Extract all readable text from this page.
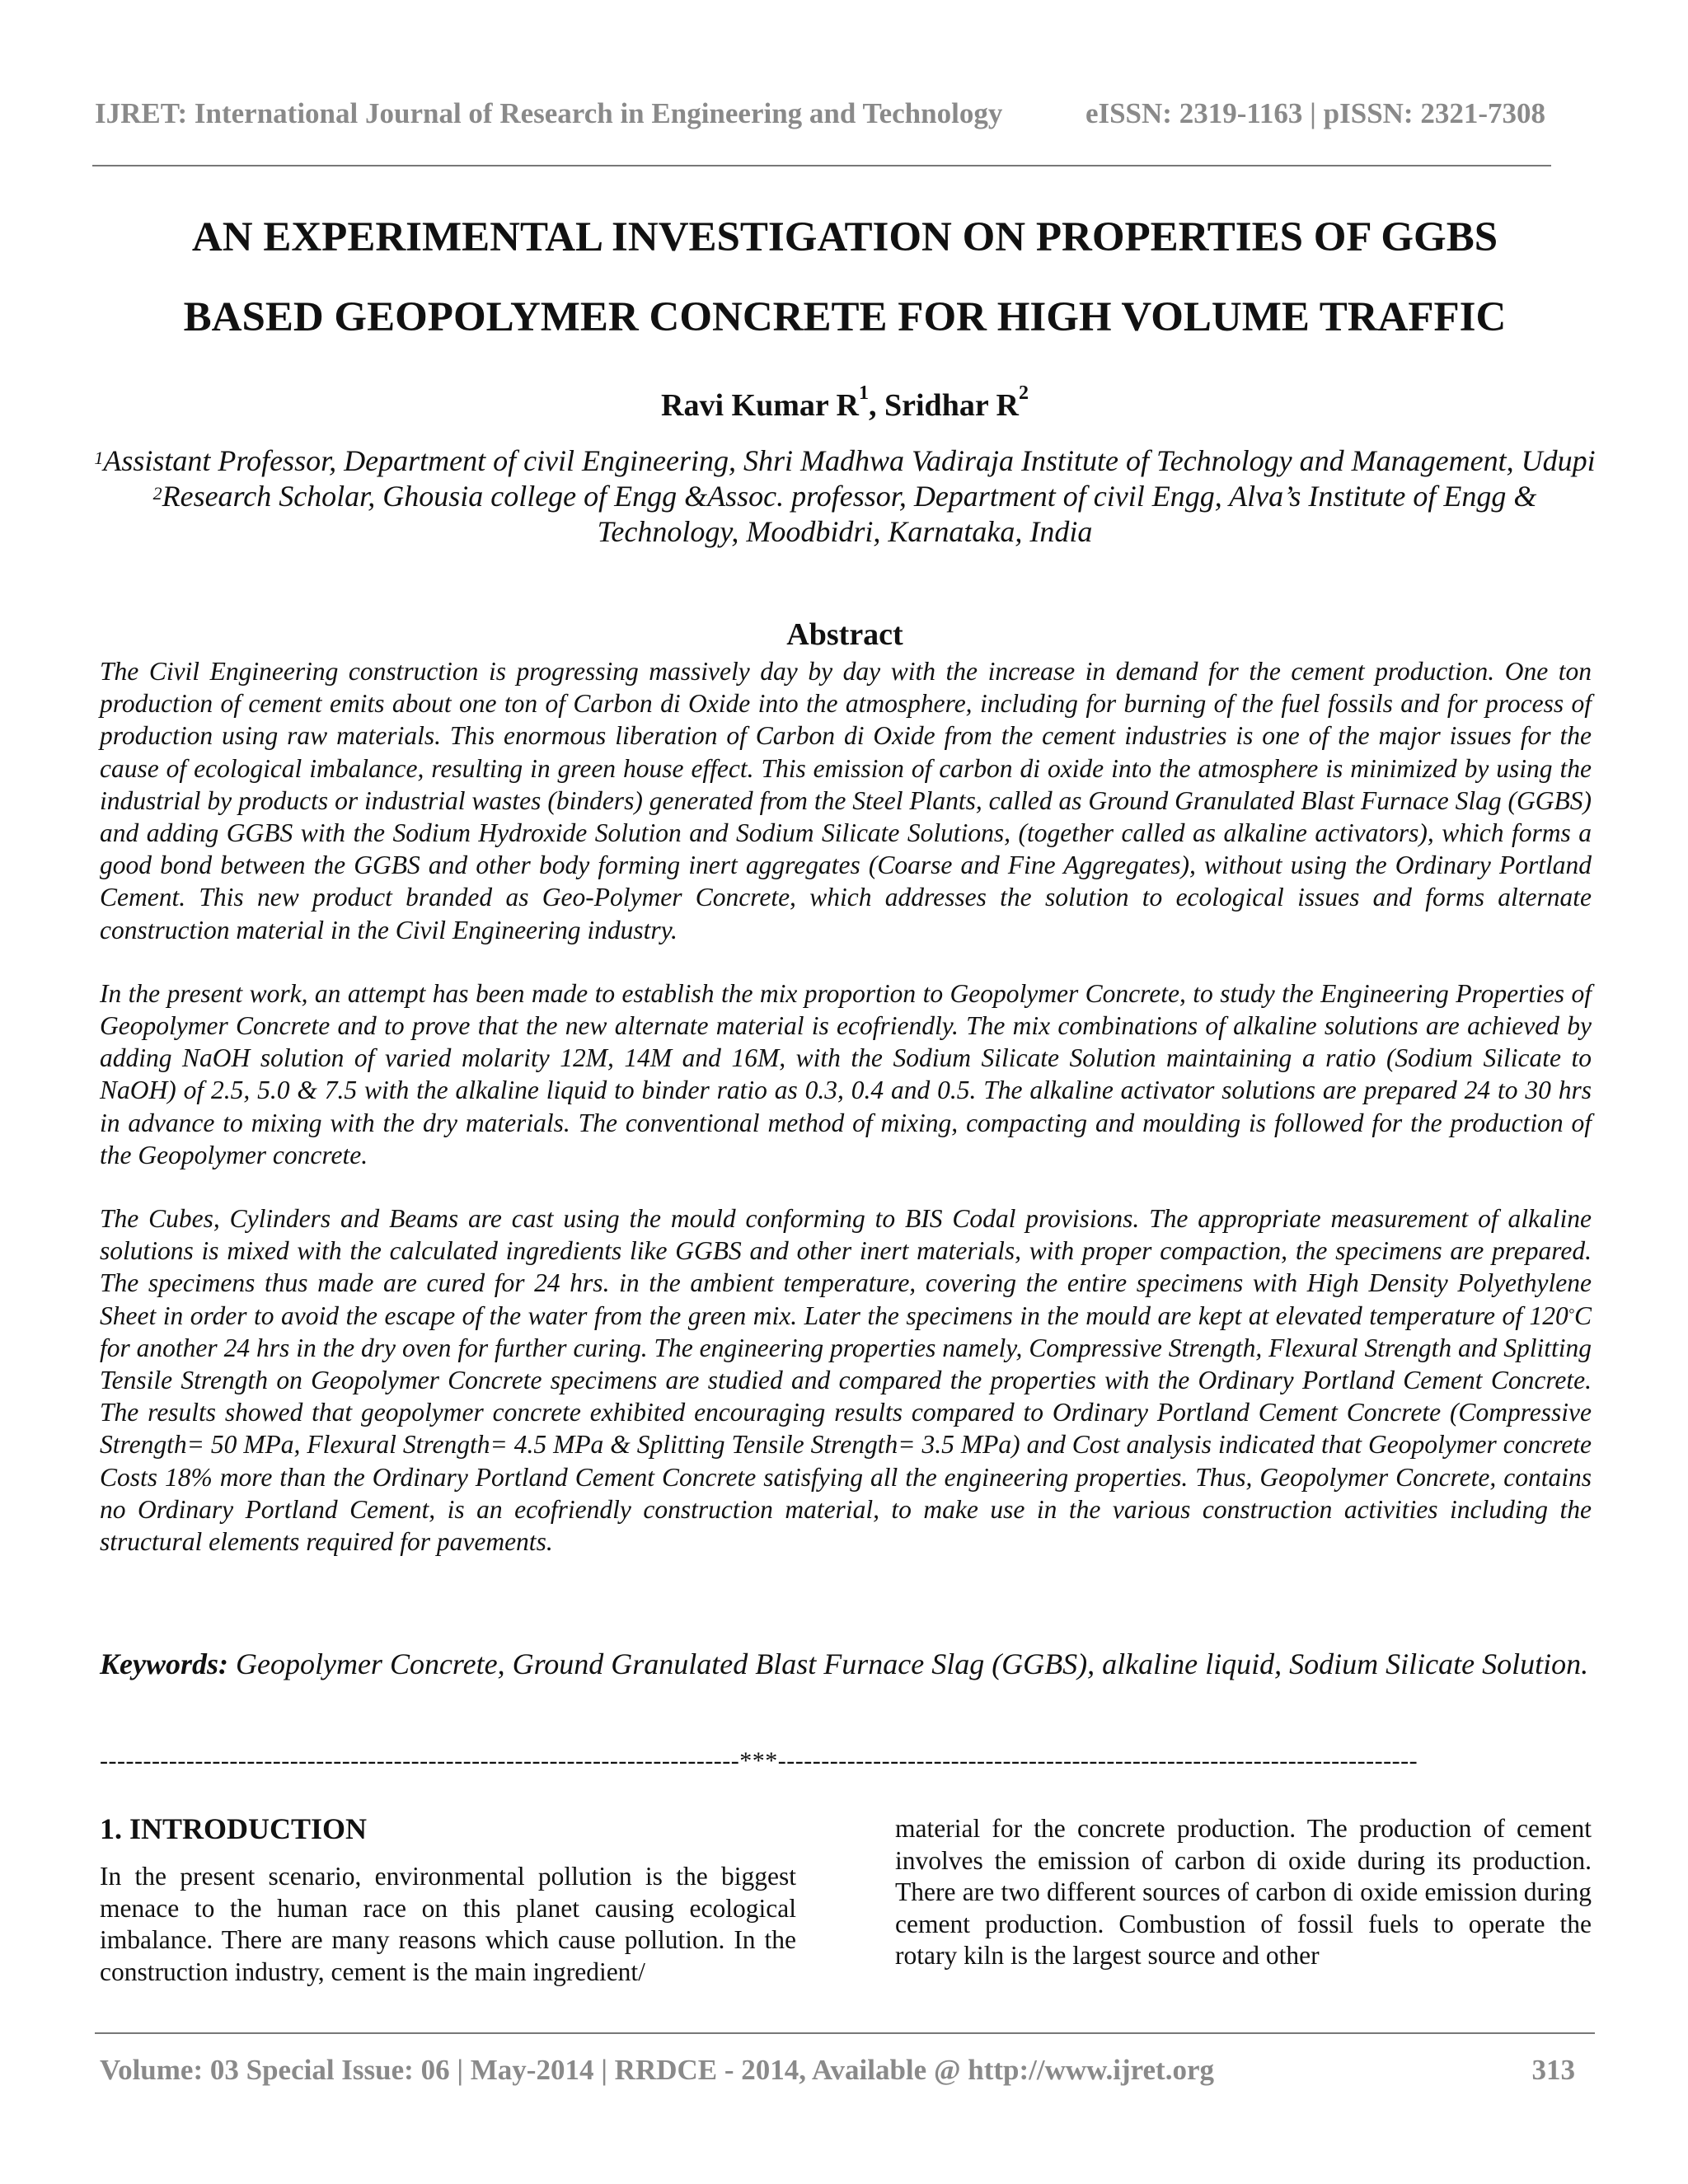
IJRET: International Journal of Research in Engineering and Technology	eISSN: 2319-1163 | pISSN: 2321-7308
AN EXPERIMENTAL INVESTIGATION ON PROPERTIES OF GGBS
BASED GEOPOLYMER CONCRETE FOR HIGH VOLUME TRAFFIC
Ravi Kumar $R^1$, Sridhar $R^2$
$^1$Assistant Professor, Department of civil Engineering, Shri Madhwa Vadiraja Institute of Technology and Management, Udupi
$^2$Research Scholar, Ghousia college of Engg &Assoc. professor, Department of civil Engg, Alva’s Institute of Engg & Technology, Moodbidri, Karnataka, India
Abstract

The Civil Engineering construction is progressing massively day by day with the increase in demand for the cement production. One ton production of cement emits about one ton of Carbon di Oxide into the atmosphere, including for burning of the fuel fossils and for process of production using raw materials. This enormous liberation of Carbon di Oxide from the cement industries is one of the major issues for the cause of ecological imbalance, resulting in green house effect. This emission of carbon di oxide into the atmosphere is minimized by using the industrial by products or industrial wastes (binders) generated from the Steel Plants, called as Ground Granulated Blast Furnace Slag (GGBS) and adding GGBS with the Sodium Hydroxide Solution and Sodium Silicate Solutions, (together called as alkaline activators), which forms a good bond between the GGBS and other body forming inert aggregates (Coarse and Fine Aggregates), without using the Ordinary Portland Cement. This new product branded as Geo-Polymer Concrete, which addresses the solution to ecological issues and forms alternate construction material in the Civil Engineering industry.

In the present work, an attempt has been made to establish the mix proportion to Geopolymer Concrete, to study the Engineering Properties of Geopolymer Concrete and to prove that the new alternate material is ecofriendly. The mix combinations of alkaline solutions are achieved by adding NaOH solution of varied molarity 12M, 14M and 16M, with the Sodium Silicate Solution maintaining a ratio (Sodium Silicate to NaOH) of 2.5, 5.0 & 7.5 with the alkaline liquid to binder ratio as 0.3, 0.4 and 0.5. The alkaline activator solutions are prepared 24 to 30 hrs in advance to mixing with the dry materials. The conventional method of mixing, compacting and moulding is followed for the production of the Geopolymer concrete.

The Cubes, Cylinders and Beams are cast using the mould conforming to BIS Codal provisions. The appropriate measurement of alkaline solutions is mixed with the calculated ingredients like GGBS and other inert materials, with proper compaction, the specimens are prepared. The specimens thus made are cured for 24 hrs. in the ambient temperature, covering the entire specimens with High Density Polyethylene Sheet in order to avoid the escape of the water from the green mix. Later the specimens in the mould are kept at elevated temperature of 120°C for another 24 hrs in the dry oven for further curing. The engineering properties namely, Compressive Strength, Flexural Strength and Splitting Tensile Strength on Geopolymer Concrete specimens are studied and compared the properties with the Ordinary Portland Cement Concrete. The results showed that geopolymer concrete exhibited encouraging results compared to Ordinary Portland Cement Concrete (Compressive Strength= 50 MPa, Flexural Strength= 4.5 MPa & Splitting Tensile Strength= 3.5 MPa) and Cost analysis indicated that Geopolymer concrete Costs 18% more than the Ordinary Portland Cement Concrete satisfying all the engineering properties. Thus, Geopolymer Concrete, contains no Ordinary Portland Cement, is an ecofriendly construction material, to make use in the various construction activities including the structural elements required for pavements.

Keywords: Geopolymer Concrete, Ground Granulated Blast Furnace Slag (GGBS), alkaline liquid, Sodium Silicate Solution.
--------------------------------------------------------------------------***--------------------------------------------------------------------------
1. INTRODUCTION

In the present scenario, environmental pollution is the biggest menace to the human race on this planet causing ecological imbalance. There are many reasons which cause pollution. In the construction industry, cement is the main ingredient/

material for the concrete production. The production of cement involves the emission of carbon di oxide during its production. There are two different sources of carbon di oxide emission during cement production. Combustion of fossil fuels to operate the rotary kiln is the largest source and other

Volume: 03 Special Issue: 06 | May-2014 | RRDCE - 2014, Available @ http://www.ijret.org	313
